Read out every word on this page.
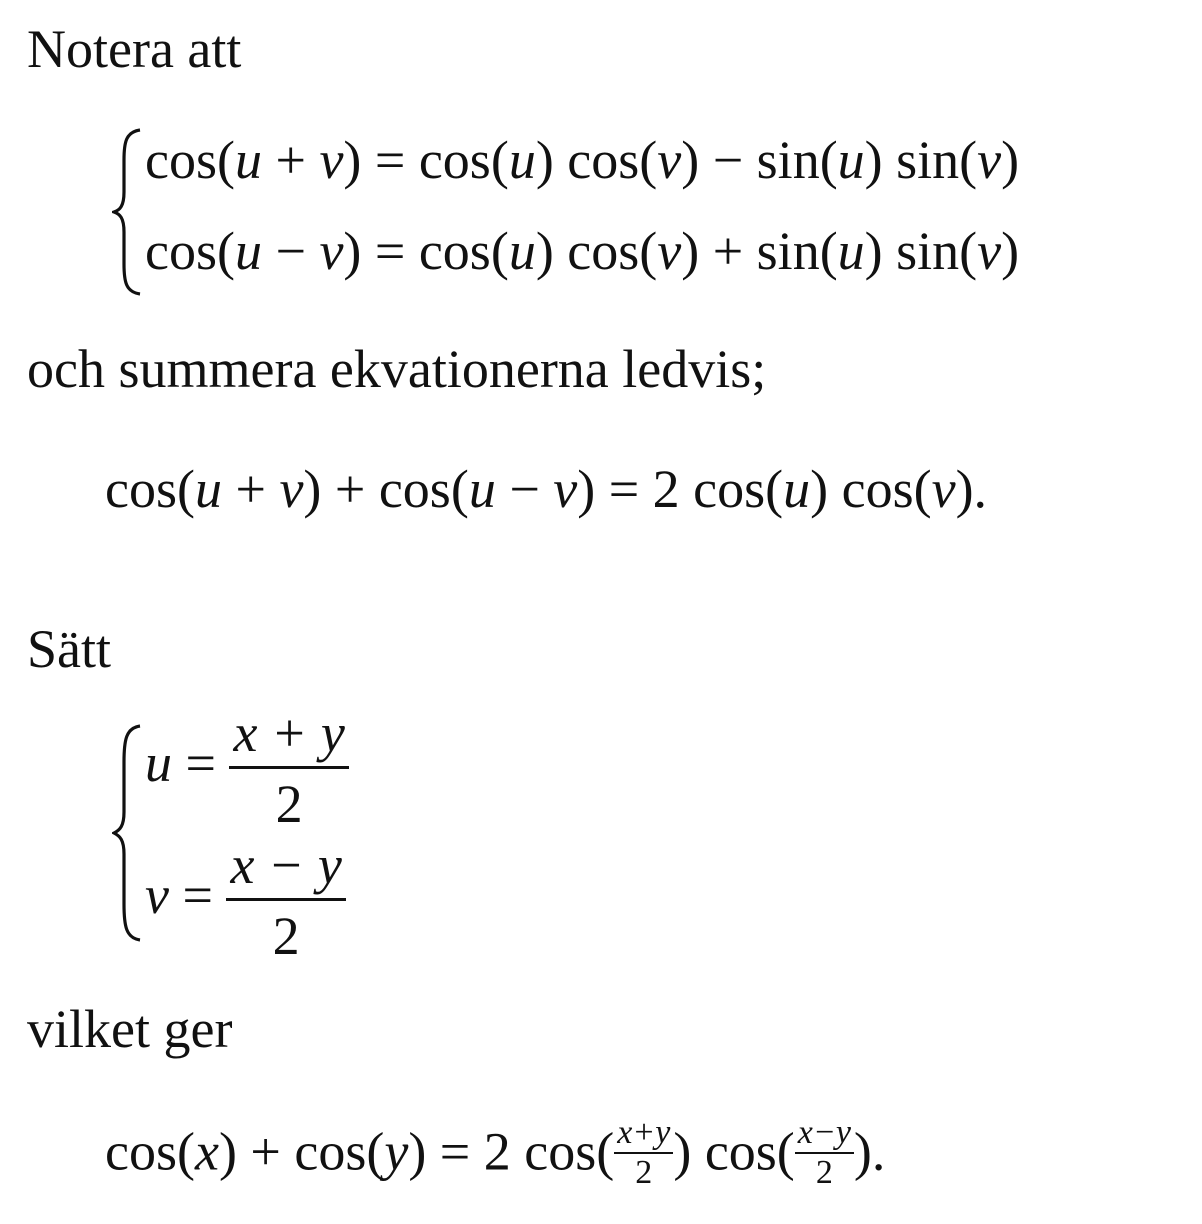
Notera att
cos(u + v) = cos(u) cos(v) − sin(u) sin(v)
cos(u − v) = cos(u) cos(v) + sin(u) sin(v)
och summera ekvationerna ledvis;
cos(u + v) + cos(u − v) = 2 cos(u) cos(v).
Sätt
$u = \frac{x + y}{2}$
$v = \frac{x - y}{2}$
vilket ger
cos(x) + cos(y) = 2 $\cos( \frac{x+y}{2}$ ) $\cos( \frac{x-y}{2}$ ).
